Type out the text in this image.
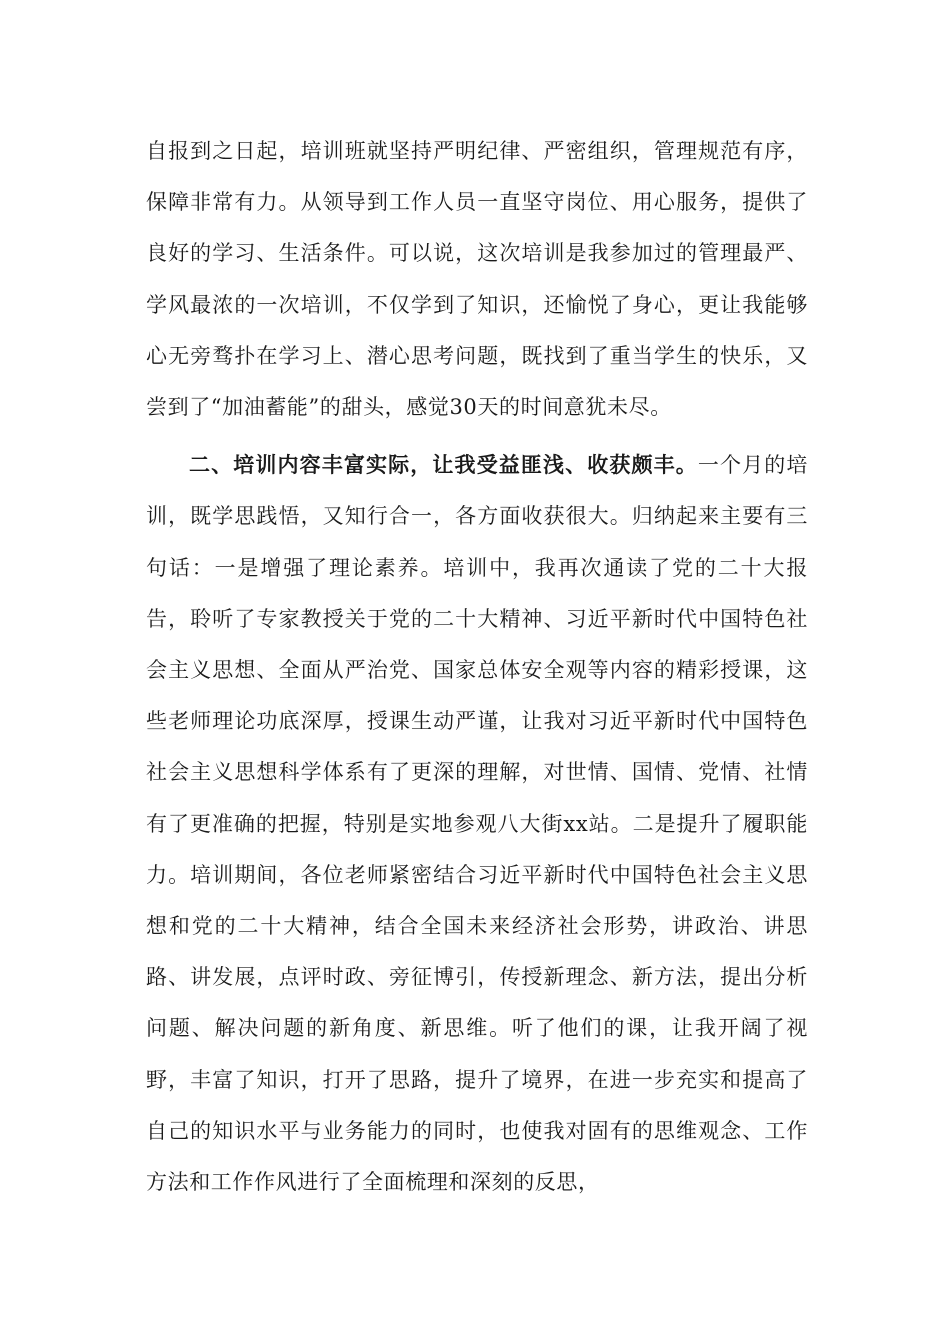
自报到之日起，培训班就坚持严明纪律、严密组织，管理规范有序，保障非常有力。从领导到工作人员一直坚守岗位、用心服务，提供了良好的学习、生活条件。可以说，这次培训是我参加过的管理最严、学风最浓的一次培训，不仅学到了知识，还愉悦了身心，更让我能够心无旁骛扑在学习上、潜心思考问题，既找到了重当学生的快乐，又尝到了“加油蓄能”的甜头，感觉30天的时间意犹未尽。

二、培训内容丰富实际，让我受益匪浅、收获颇丰。一个月的培训，既学思践悟，又知行合一，各方面收获很大。归纳起来主要有三句话：一是增强了理论素养。培训中，我再次通读了党的二十大报告，聆听了专家教授关于党的二十大精神、习近平新时代中国特色社会主义思想、全面从严治党、国家总体安全观等内容的精彩授课，这些老师理论功底深厚，授课生动严谨，让我对习近平新时代中国特色社会主义思想科学体系有了更深的理解，对世情、国情、党情、社情有了更准确的把握，特别是实地参观八大街xx站。二是提升了履职能力。培训期间，各位老师紧密结合习近平新时代中国特色社会主义思想和党的二十大精神，结合全国未来经济社会形势，讲政治、讲思路、讲发展，点评时政、旁征博引，传授新理念、新方法，提出分析问题、解决问题的新角度、新思维。听了他们的课，让我开阔了视野，丰富了知识，打开了思路，提升了境界，在进一步充实和提高了自己的知识水平与业务能力的同时，也使我对固有的思维观念、工作方法和工作作风进行了全面梳理和深刻的反思，
